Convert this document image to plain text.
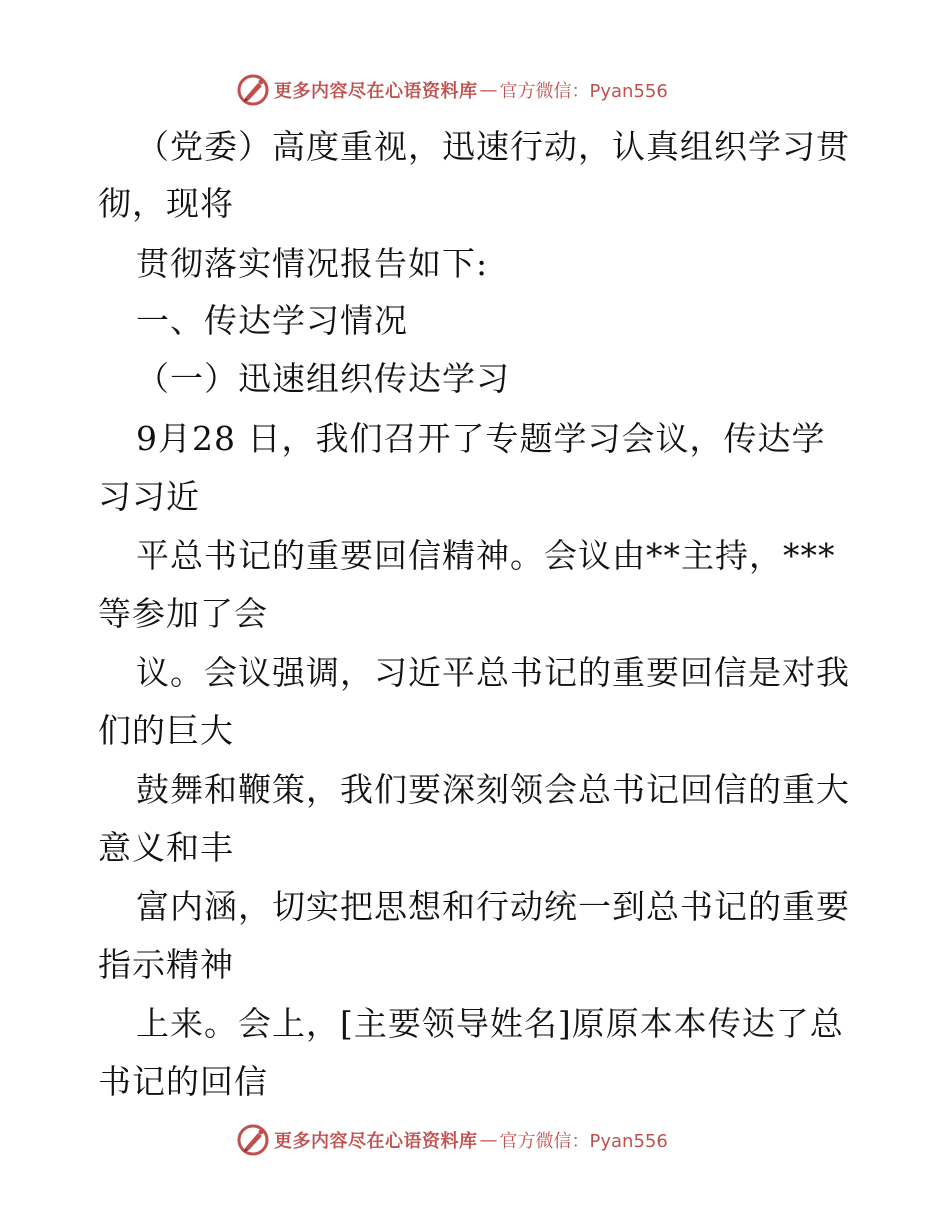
更多内容尽在心语资料库 — 官方微信：Pyan556
（党委）高度重视，迅速行动，认真组织学习贯
彻，现将
贯彻落实情况报告如下:
一、传达学习情况
（一）迅速组织传达学习
9月28 日，我们召开了专题学习会议，传达学
习习近
平总书记的重要回信精神。会议由**主持，***
等参加了会
议。会议强调，习近平总书记的重要回信是对我
们的巨大
鼓舞和鞭策，我们要深刻领会总书记回信的重大
意义和丰
富内涵，切实把思想和行动统一到总书记的重要
指示精神
上来。会上，[主要领导姓名]原原本本传达了总
书记的回信
更多内容尽在心语资料库 — 官方微信：Pyan556
